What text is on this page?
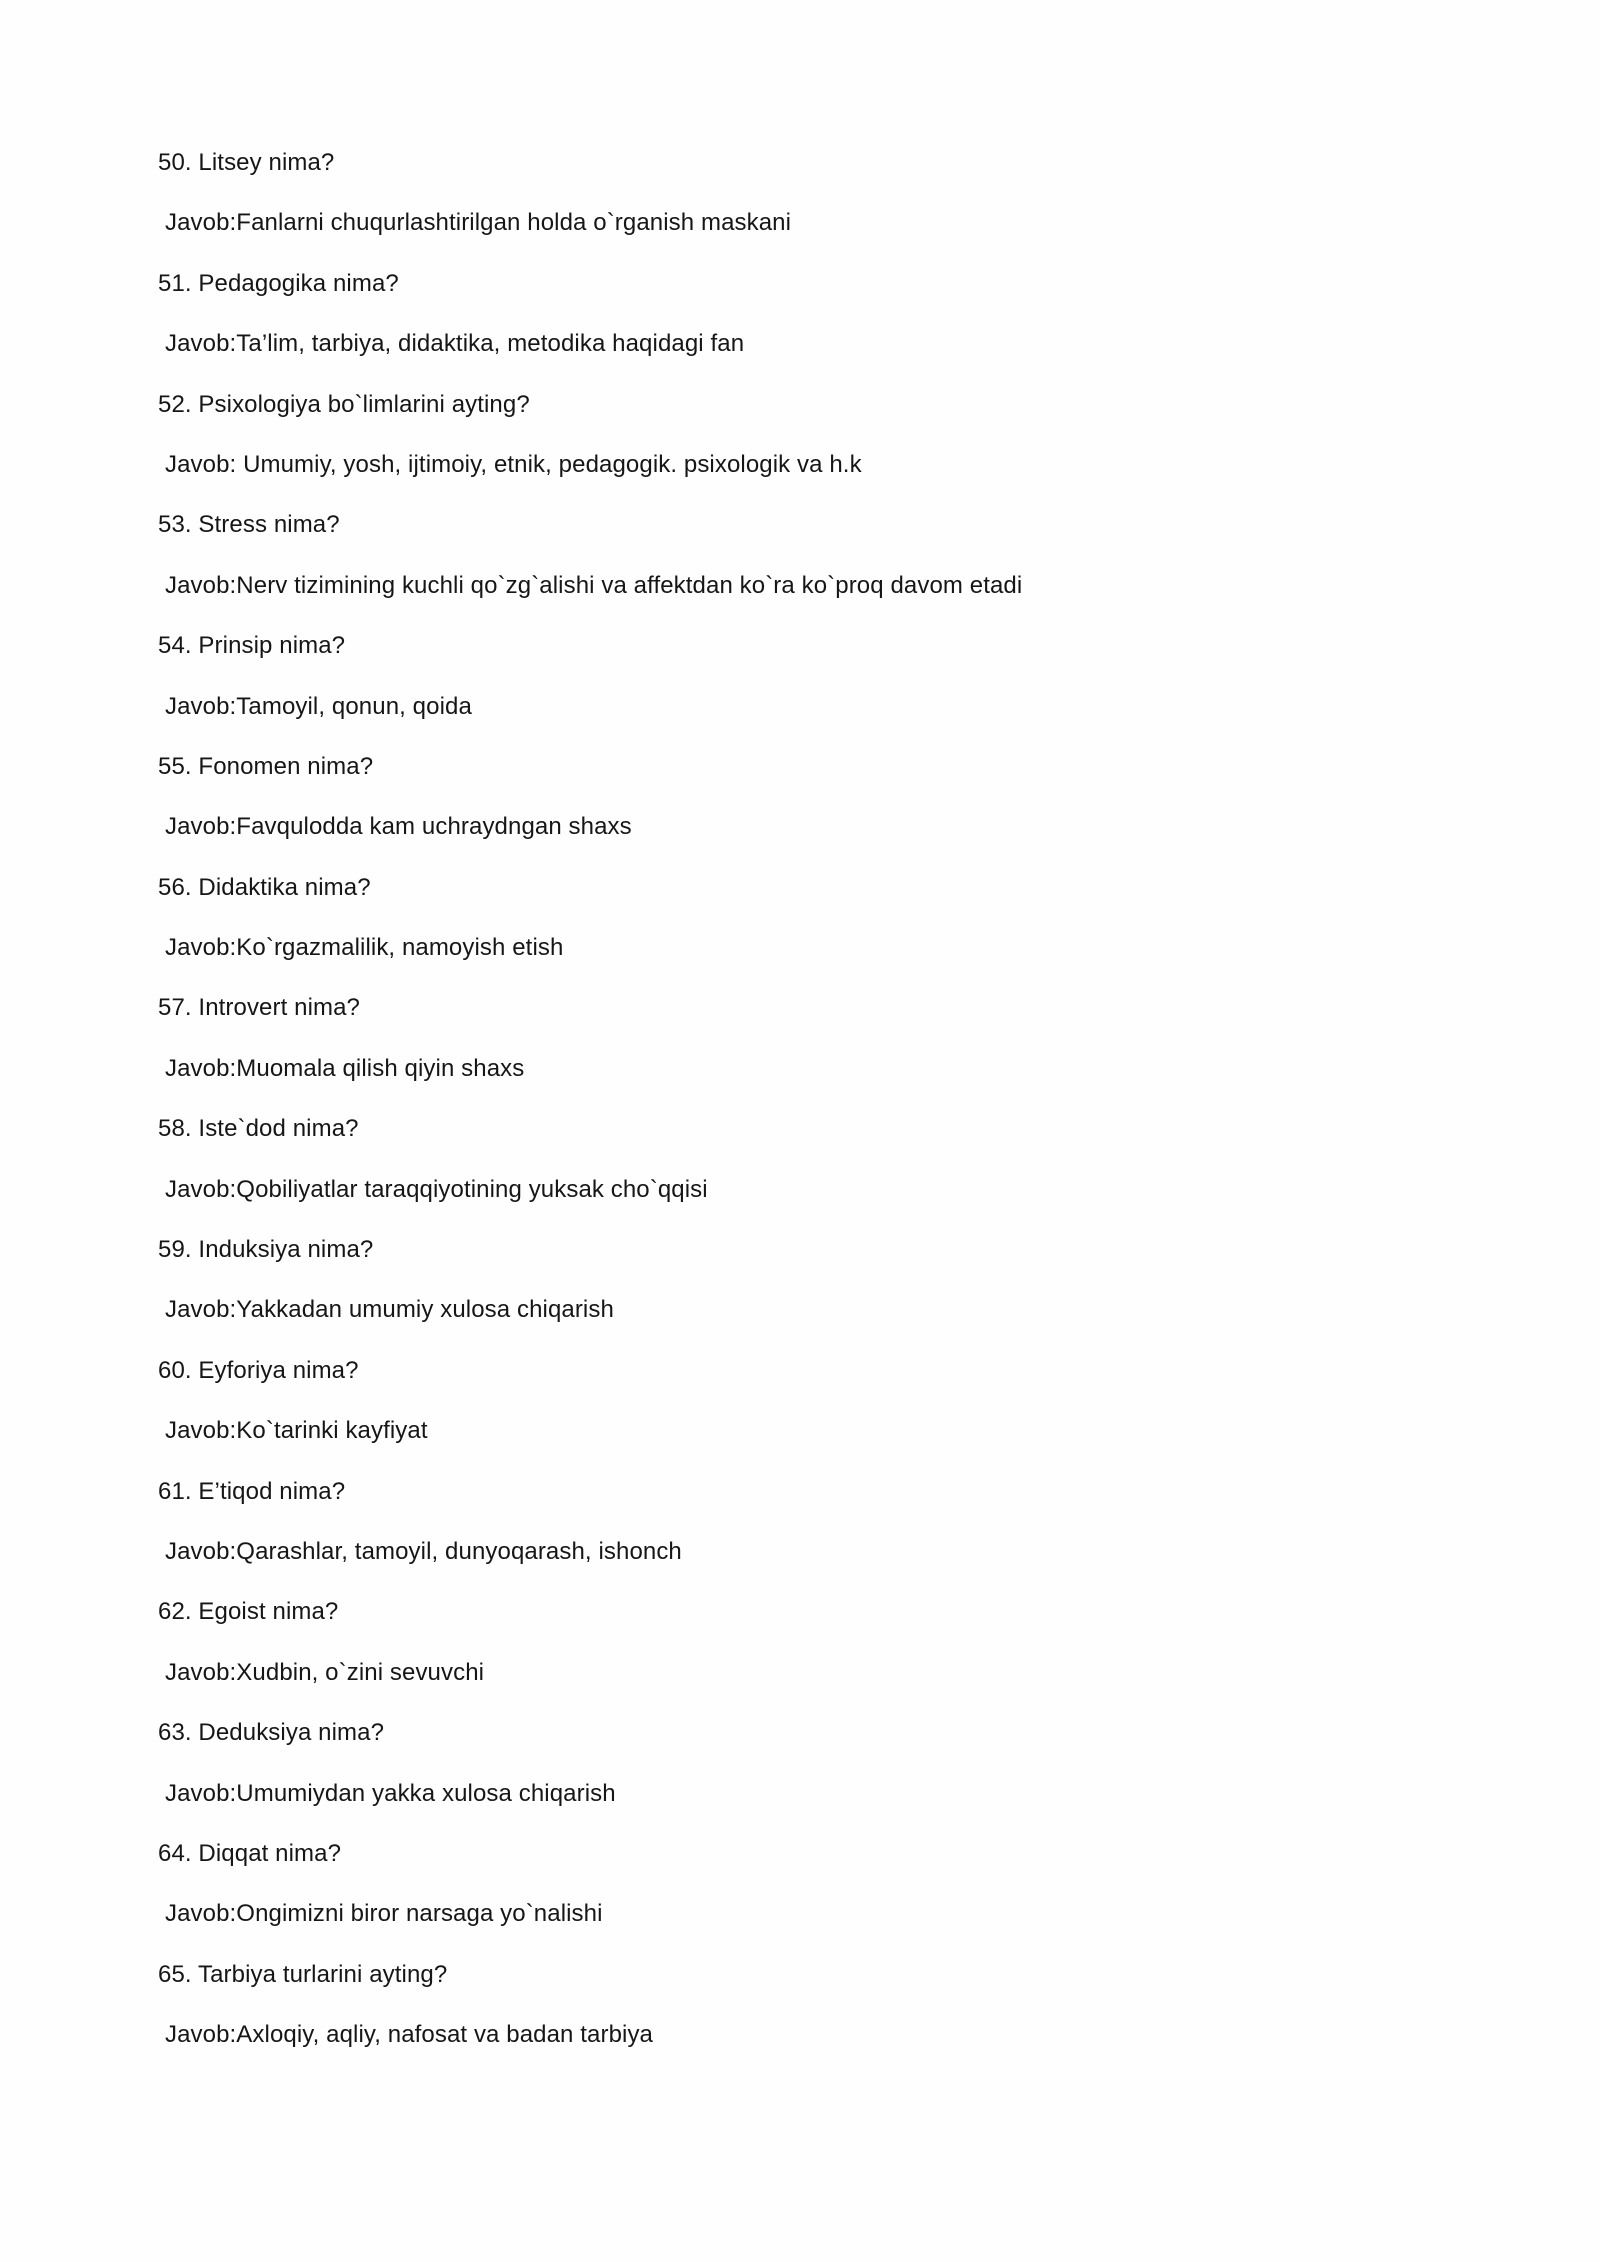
50. Litsey nima?

Javob:Fanlarni chuqurlashtirilgan holda o`rganish maskani

51. Pedagogika nima?

Javob:Ta’lim, tarbiya, didaktika, metodika haqidagi fan

52. Psixologiya bo`limlarini ayting?

Javob: Umumiy, yosh, ijtimoiy, etnik, pedagogik. psixologik va h.k

53. Stress nima?

Javob:Nerv tizimining kuchli qo`zg`alishi va affektdan ko`ra ko`proq davom etadi

54. Prinsip nima?

Javob:Tamoyil, qonun, qoida

55. Fonomen nima?

Javob:Favqulodda kam uchraydngan shaxs

56. Didaktika nima?

Javob:Ko`rgazmalilik, namoyish etish

57. Introvert nima?

Javob:Muomala qilish qiyin shaxs

58. Iste`dod nima?

Javob:Qobiliyatlar taraqqiyotining yuksak cho`qqisi

59. Induksiya nima?

Javob:Yakkadan umumiy xulosa chiqarish

60. Eyforiya nima?

Javob:Ko`tarinki kayfiyat

61. E’tiqod nima?

Javob:Qarashlar, tamoyil, dunyoqarash, ishonch

62. Egoist nima?

Javob:Xudbin, o`zini sevuvchi

63. Deduksiya nima?

Javob:Umumiydan yakka xulosa chiqarish

64. Diqqat nima?

Javob:Ongimizni biror narsaga yo`nalishi

65. Tarbiya turlarini ayting?

Javob:Axloqiy, aqliy, nafosat va badan tarbiya
